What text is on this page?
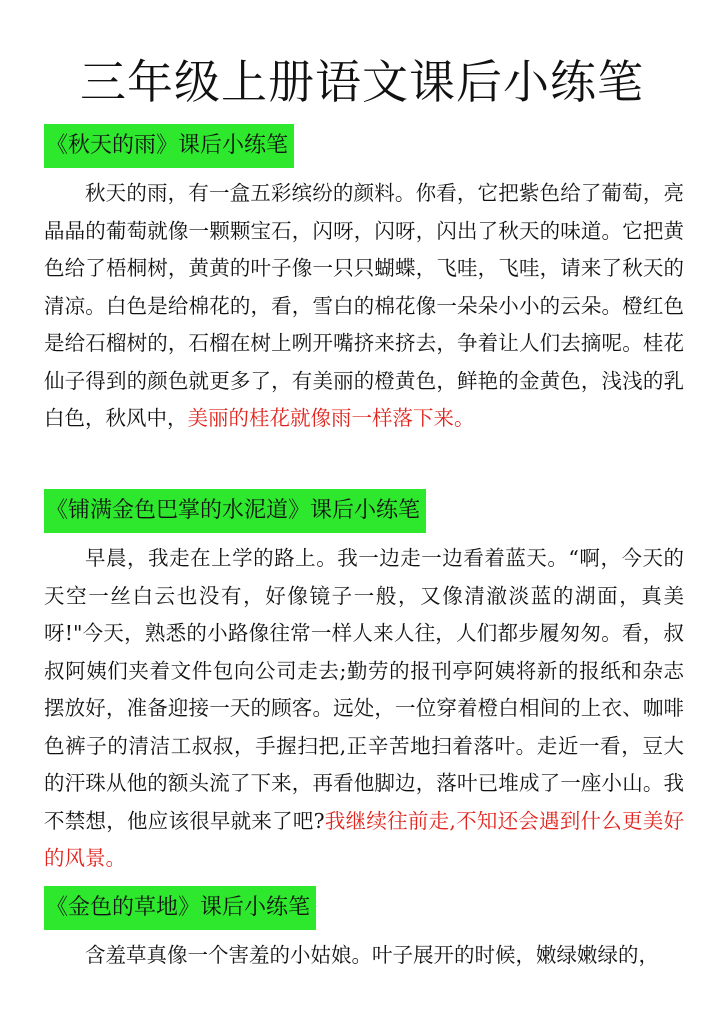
三年级上册语文课后小练笔
《秋天的雨》课后小练笔
秋天的雨，有一盒五彩缤纷的颜料。你看，它把紫色给了葡萄，亮晶晶的葡萄就像一颗颗宝石，闪呀，闪呀，闪出了秋天的味道。它把黄色给了梧桐树，黄黄的叶子像一只只蝴蝶，飞哇，飞哇，请来了秋天的清凉。白色是给棉花的，看，雪白的棉花像一朵朵小小的云朵。橙红色是给石榴树的，石榴在树上咧开嘴挤来挤去，争着让人们去摘呢。桂花仙子得到的颜色就更多了，有美丽的橙黄色，鲜艳的金黄色，浅浅的乳白色，秋风中，美丽的桂花就像雨一样落下来。
《铺满金色巴掌的水泥道》课后小练笔
早晨，我走在上学的路上。我一边走一边看着蓝天。“啊，今天的天空一丝白云也没有，好像镜子一般，又像清澈淡蓝的湖面，真美呀!"今天，熟悉的小路像往常一样人来人往，人们都步履匆匆。看，叔叔阿姨们夹着文件包向公司走去;勤劳的报刊亭阿姨将新的报纸和杂志摆放好，准备迎接一天的顾客。远处，一位穿着橙白相间的上衣、咖啡色裤子的清洁工叔叔，手握扫把,正辛苦地扫着落叶。走近一看，豆大的汗珠从他的额头流了下来，再看他脚边，落叶已堆成了一座小山。我不禁想，他应该很早就来了吧?我继续往前走,不知还会遇到什么更美好的风景。
《金色的草地》课后小练笔
含羞草真像一个害羞的小姑娘。叶子展开的时候，嫩绿嫩绿的，
